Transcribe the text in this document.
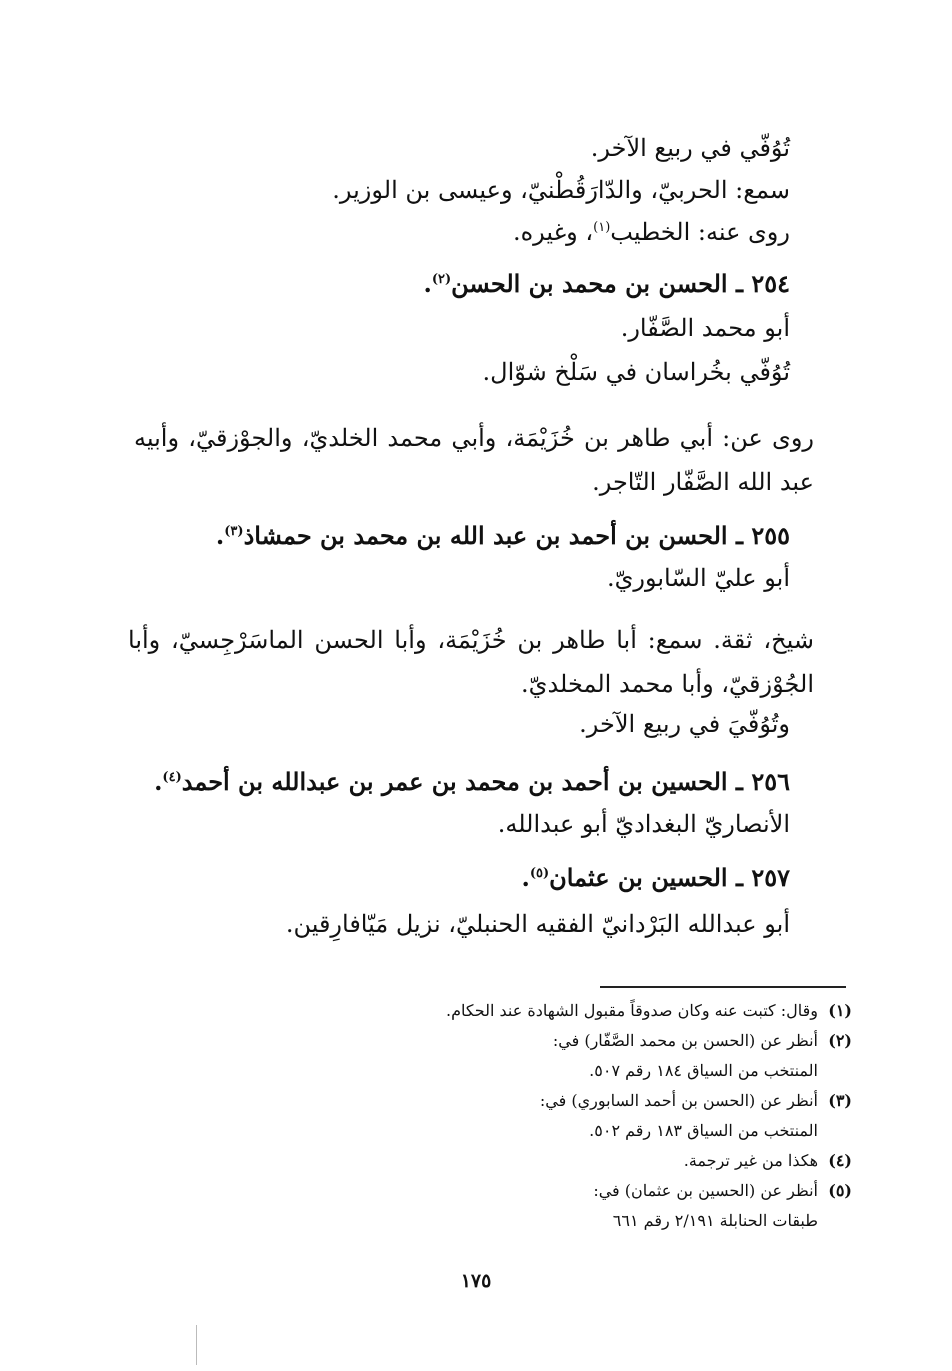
تُوُفّي في ربيع الآخر.
سمع: الحربيّ، والدّارَقُطْنيّ، وعيسى بن الوزير.
روى عنه: الخطيب$^{(١)}$، وغيره.
٢٥٤ ـ الحسن بن محمد بن الحسن$^{(٢)}$.
أبو محمد الصَّفّار.
تُوُفّي بخُراسان في سَلْخ شوّال.
روى عن: أبي طاهر بن خُزَيْمَة، وأبي محمد الخلديّ، والجوْزقيّ، وأبيه عبد الله الصَّفّار التّاجر.
٢٥٥ ـ الحسن بن أحمد بن عبد الله بن محمد بن حمشاذ$^{(٣)}$.
أبو عليّ السّابوريّ.
شيخ، ثقة. سمع: أبا طاهر بن خُزَيْمَة، وأبا الحسن الماسَرْجِسيّ، وأبا الجُوْزقيّ، وأبا محمد المخلديّ.
وتُوُفّيَ في ربيع الآخر.
٢٥٦ ـ الحسين بن أحمد بن محمد بن عمر بن عبدالله بن أحمد$^{(٤)}$.
الأنصاريّ البغداديّ أبو عبدالله.
٢٥٧ ـ الحسين بن عثمان$^{(٥)}$.
أبو عبدالله البَرْدانيّ الفقيه الحنبليّ، نزيل مَيّافارِقين.
(١)وقال: كتبت عنه وكان صدوقاً مقبول الشهادة عند الحكام.
(٢)أنظر عن (الحسن بن محمد الصَّفّار) في:
المنتخب من السياق ١٨٤ رقم ٥٠٧.
(٣)أنظر عن (الحسن بن أحمد السابوري) في:
المنتخب من السياق ١٨٣ رقم ٥٠٢.
(٤)هكذا من غير ترجمة.
(٥)أنظر عن (الحسين بن عثمان) في:
طبقات الحنابلة ٢/١٩١ رقم ٦٦١
١٧٥
